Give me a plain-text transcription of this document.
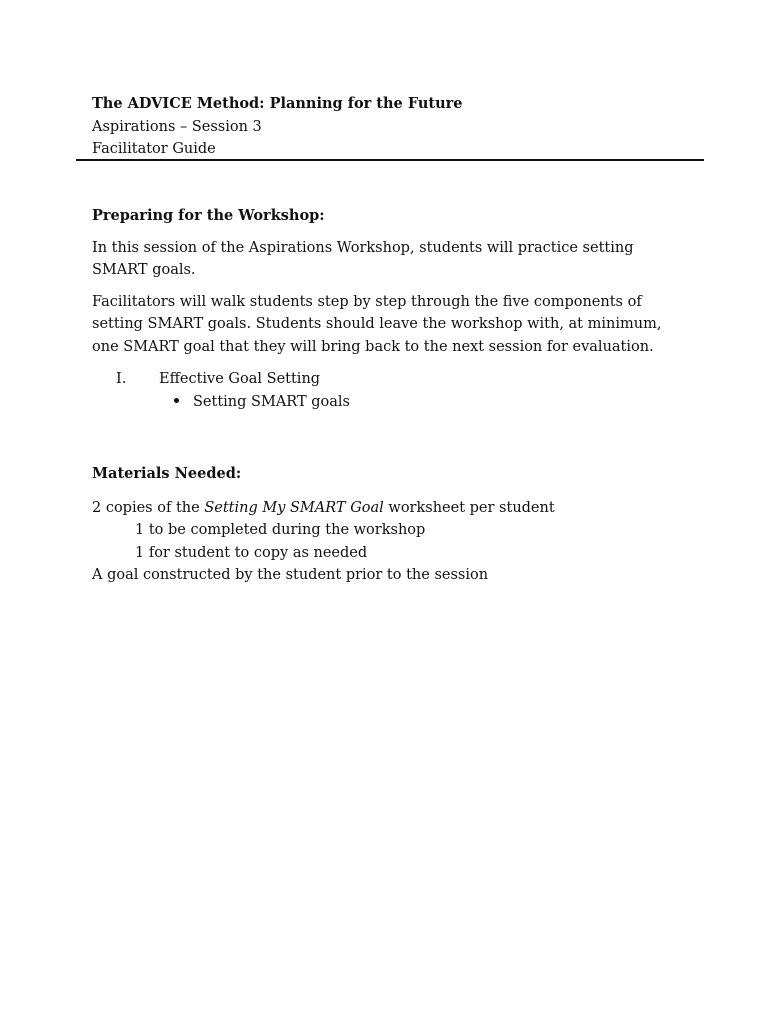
The ADVICE Method: Planning for the Future
Aspirations – Session 3
Facilitator Guide

Preparing for the Workshop:

In this session of the Aspirations Workshop, students will practice setting SMART goals.

Facilitators will walk students step by step through the five components of setting SMART goals. Students should leave the workshop with, at minimum, one SMART goal that they will bring back to the next session for evaluation.

I. Effective Goal Setting
Setting SMART goals

Materials Needed:

2 copies of the Setting My SMART Goal worksheet per student

1 to be completed during the workshop

1 for student to copy as needed

A goal constructed by the student prior to the session
